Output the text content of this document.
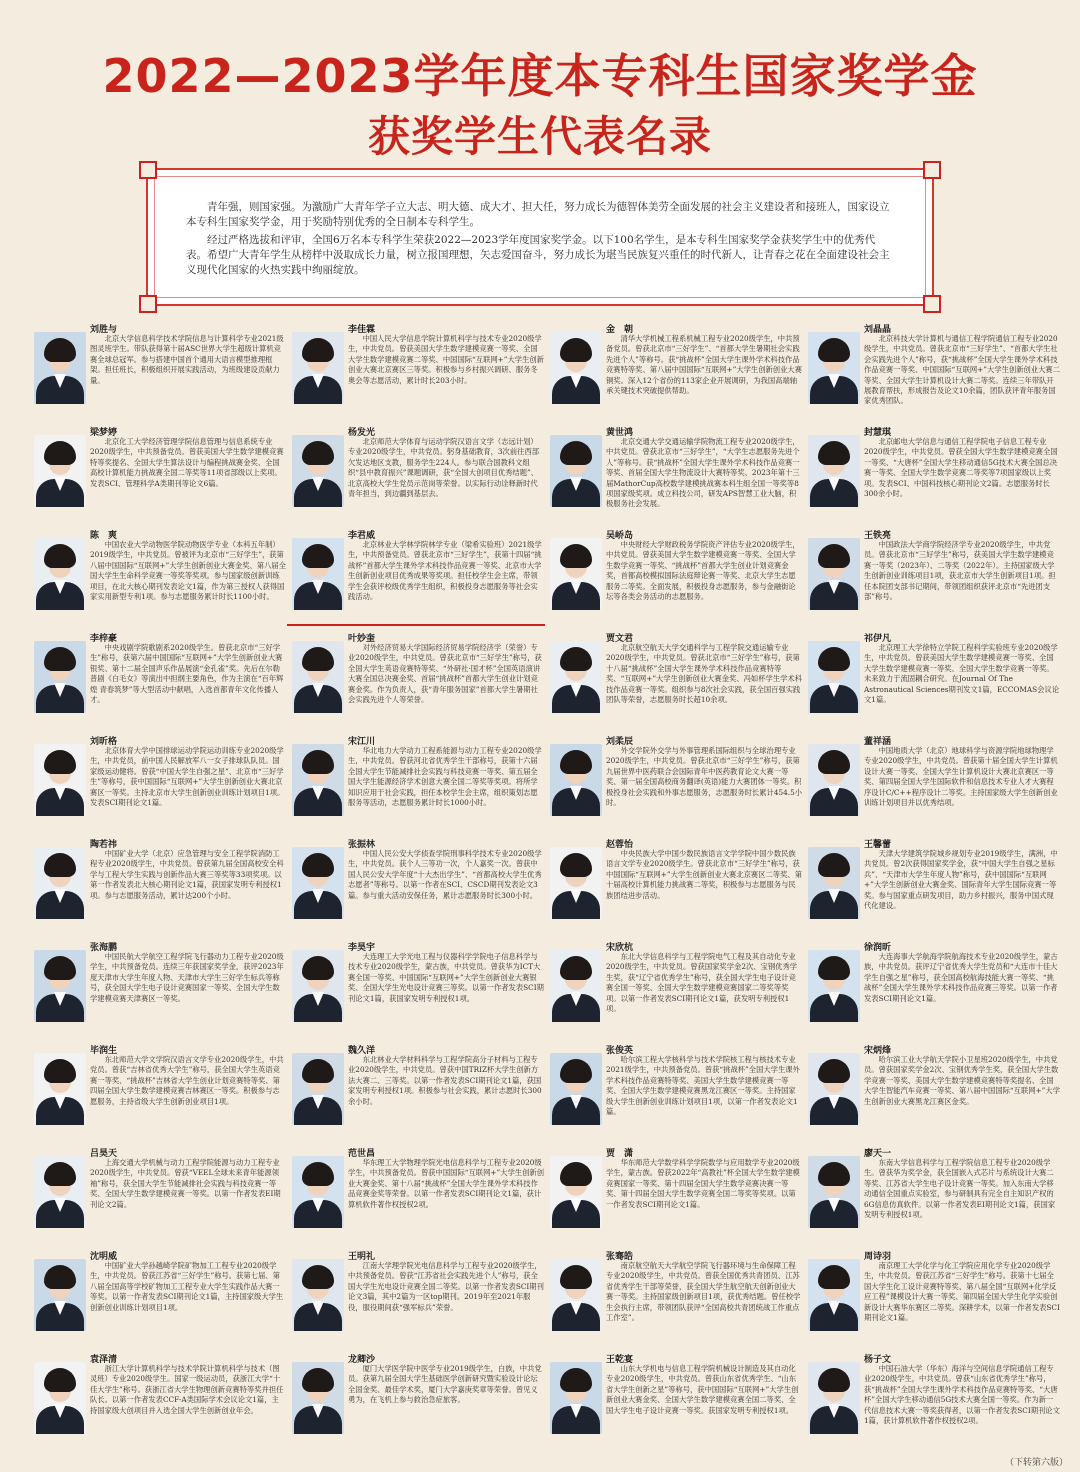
2022—2023学年度本专科生国家奖学金
获奖学生代表名录

青年强，则国家强。为激励广大青年学子立大志、明大德、成大才、担大任，努力成长为德智体美劳全面发展的社会主义建设者和接班人，国家设立本专科生国家奖学金，用于奖励特别优秀的全日制本专科学生。

经过严格选拔和评审，全国6万名本专科学生荣获2022—2023学年度国家奖学金。以下100名学生，是本专科生国家奖学金获奖学生中的优秀代表。希望广大青年学生从榜样中汲取成长力量，树立报国理想，矢志爱国奋斗，努力成长为堪当民族复兴重任的时代新人，让青春之花在全面建设社会主义现代化国家的火热实践中绚丽绽放。

刘胜与
北京大学信息科学技术学院信息与计算科学专业2021级图灵班学生。带队获得第十届ASC世界大学生超级计算机竞赛全球总冠军。参与搭建中国首个通用大语言模型推理框架。担任班长，积极组织开展实践活动，为班级建设贡献力量。
李佳霖
中国人民大学信息学院计算机科学与技术专业2020级学生，中共党员。曾获美国大学生数学建模竞赛一等奖、全国大学生数学建模竞赛二等奖、中国国际“互联网+”大学生创新创业大赛北京赛区三等奖。积极参与乡村振兴调研、服务冬奥会等志愿活动，累计时长203小时。
金　朝
清华大学机械工程系机械工程专业2020级学生，中共预备党员。曾获北京市“三好学生”、“首都大学生暑期社会实践先进个人”等称号。获“挑战杯”全国大学生课外学术科技作品竞赛特等奖、第八届中国国际“互联网+”大学生创新创业大赛铜奖。深入12个省份的113家企业开展调研，为我国高端轴承关键技术突破提供帮助。
刘晶晶
北京科技大学计算机与通信工程学院通信工程专业2020级学生，中共党员。曾获北京市“三好学生”、“首都大学生社会实践先进个人”称号，获“挑战杯”全国大学生课外学术科技作品竞赛一等奖、中国国际“互联网+”大学生创新创业大赛二等奖、全国大学生计算机设计大赛二等奖。连续三年带队开展教育帮扶，形成报告及论文10余篇，团队获评青年服务国家优秀团队。
梁梦婷
北京化工大学经济管理学院信息管理与信息系统专业2020级学生，中共预备党员。曾获美国大学生数学建模竞赛特等奖提名、全国大学生算法设计与编程挑战赛金奖、全国高校计算机能力挑战赛全国二等奖等11项省部级以上奖项。发表SCI、管理科学A类期刊等论文6篇。
杨发光
北京师范大学体育与运动学院汉语言文学（志远计划）专业2020级学生，中共党员。躬身基础教育，3次前往西部欠发达地区支教，服务学生224人。参与联合国教科文组织“县中教育振兴”课题调研，获“全国大创项目优秀结题”、北京高校大学生党员示范岗等荣誉。以实际行动诠释新时代青年担当，到边疆到基层去。
黄世鸿
北京交通大学交通运输学院物流工程专业2020级学生，中共党员。曾获北京市“三好学生”，“大学生志愿服务先进个人”等称号。获“挑战杯”全国大学生课外学术科技作品竞赛一等奖、首届全国大学生物流设计大赛特等奖、2023年第十三届MathorCup高校数学建模挑战赛本科生组全国一等奖等8项国家级奖项。成立科技公司，研发APS智慧工业大脑，积极服务社会发展。
封慧琪
北京邮电大学信息与通信工程学院电子信息工程专业2020级学生，中共党员。曾获全国大学生数学建模竞赛全国一等奖、“大唐杯”全国大学生移动通信5G技术大赛全国总决赛一等奖、全国大学生数学竞赛二等奖等7项国家级以上奖项。发表SCI、中国科技核心期刊论文2篇。志愿服务时长300余小时。
陈　爽
中国农业大学动物医学院动物医学专业（本科五年制）2019级学生，中共党员。曾被评为北京市“三好学生”，获第八届中国国际“互联网+”大学生创新创业大赛金奖、第八届全国大学生生命科学竞赛一等奖等奖项。参与国家级创新训练项目，在北大核心期刊发表论文1篇，作为第三授权人获得国家实用新型专利1项。参与志愿服务累计时长1100小时。
李君威
北京林业大学林学院林学专业（梁希实验班）2021级学生，中共预备党员。曾获北京市“三好学生”，获第十四届“挑战杯”首都大学生课外学术科技作品竞赛一等奖、北京市大学生创新创业项目优秀成果等奖项。担任校学生会主席，带领学生会获评校级优秀学生组织，积极投身志愿服务等社会实践活动。
吴峤岛
中央财经大学财政税务学院资产评估专业2020级学生，中共党员。曾获美国大学生数学建模竞赛一等奖、全国大学生数学竞赛一等奖、“挑战杯”首都大学生创业计划竞赛金奖，首都高校模拟国际法庭辩论赛一等奖、北京大学生志愿服务二等奖。全面发展，积极投身志愿服务，参与金融街论坛等各类会务活动的志愿服务。
王铁亮
中国政法大学商学院经济学专业2020级学生，中共党员。曾获北京市“三好学生”称号，获美国大学生数学建模竞赛一等奖（2023年）、二等奖（2022年）。主持国家级大学生创新创业训练项目1项，获北京市大学生创新项目1项。担任本院团支部书记期间，带领团组织获评北京市“先进团支部”称号。
李梓豪
中央戏剧学院歌剧系2020级学生。曾获北京市“三好学生”称号，获第六届中国国际“互联网+”大学生创新创业大赛银奖、第十二届全国声乐作品展演“金孔雀”奖。先后在尔勒普剧《白毛女》等演出中担纲主要角色，作为主演在“百年辉煌 青春筑梦”等大型活动中献唱，入选首都青年文化传播人才。
叶妙奎
对外经济贸易大学国际经济贸易学院经济学（荣誉）专业2020级学生，中共党员。曾获北京市“三好学生”称号，获全国大学生英语竞赛特等奖、“外研社·国才杯”全国英语演讲大赛全国总决赛金奖、首届“挑战杯”首都大学生创业计划竞赛金奖。作为负责人，获“青年服务国家”首都大学生暑期社会实践先进个人等荣誉。
贾文君
北京航空航天大学交通科学与工程学院交通运输专业2020级学生，中共党员。曾获北京市“三好学生”称号，获第十八届“挑战杯”全国大学生课外学术科技作品竞赛特等奖、“互联网+”大学生创新创业大赛金奖、冯如杯学生学术科技作品竞赛一等奖。组织参与8次社会实践，获全国百强实践团队等荣誉，志愿服务时长超10余项。
祁伊凡
北京理工大学徐特立学院工程科学实验班专业2020级学生，中共党员。曾获美国大学生数学建模竞赛一等奖、全国大学生数学建模竞赛一等奖、全国大学生数学竞赛一等奖。未来致力于流固耦合研究。在Journal Of The Astronautical Sciences期刊发文1篇，ECCOMAS会议论文1篇。
刘昕格
北京体育大学中国排球运动学院运动训练专业2020级学生，中共党员，前中国人民解放军八一女子排球队队员。国家级运动健将。曾获“中国大学生自强之星”、北京市“三好学生”等称号，获中国国际“互联网+”大学生创新创业大赛北京赛区一等奖。主持北京市大学生创新创业训练计划项目1项。发表SCI期刊论文1篇。
宋江川
华北电力大学动力工程系能源与动力工程专业2020级学生，中共党员。曾获河北省优秀学生干部称号，获第十六届全国大学生节能减排社会实践与科技竞赛一等奖、第五届全国大学生能源经济学术创意大赛全国二等奖等奖项。将所学知识应用于社会实践，担任本校学生会主席，组织策划志愿服务等活动，志愿服务累计时长1000小时。
刘柔辰
外交学院外交学与外事管理系国际组织与全球治理专业2020级学生，中共党员。曾获北京市“三好学生”称号，获第九届世界中医药联合会国际青年中医药教育论文大赛一等奖、第一届全国高校商务翻译(英语)能力大赛团体一等奖。积极投身社会实践和外事志愿服务，志愿服务时长累计454.5小时。
董祥涵
中国地质大学（北京）地球科学与资源学院地球物理学专业2020级学生，中共党员。曾获第十届全国大学生计算机设计大赛一等奖、全国大学生计算机设计大赛北京赛区一等奖、第四届全国大学生国际软件和信息技术专业人才大赛程序设计C/C++程序设计二等奖。主持国家级大学生创新创业训练计划项目并以优秀结项。
陶若祎
中国矿业大学（北京）应急管理与安全工程学院消防工程专业2020级学生，中共党员。曾获第九届全国高校安全科学与工程大学生实践与创新作品大赛三等奖等33项奖项。以第一作者发表北大核心期刊论文1篇，获国家发明专利授权1项。参与志愿服务活动，累计达200个小时。
张振林
中国人民公安大学侦查学院刑事科学技术专业2020级学生，中共党员。获个人三等功一次，个人嘉奖一次。曾获中国人民公安大学年度“十大杰出学生”、“首都高校大学生优秀志愿者”等称号。以第一作者在SCI、CSCD期刊发表论文3篇。参与重大活动安保任务，累计志愿服务时长300小时。
赵蓉怡
中央民族大学中国少数民族语言文学学院中国少数民族语言文学专业2020级学生。曾获北京市“三好学生”称号，获中国国际“互联网+”大学生创新创业大赛北京赛区二等奖、第十届高校计算机能力挑战赛二等奖，积极参与志愿服务与民族团结进步活动。
王馨蕾
天津大学建筑学院城乡规划专业2019级学生，满洲，中共党员。曾2次获得国家奖学金，获“中国大学生自强之星标兵”、“天津市大学生年度人物”称号，获中国国际“互联网+”大学生创新创业大赛金奖、国际青年大学生国际竞赛一等奖。参与国家重点研发项目，助力乡村振兴，服务中国式现代化建设。
张海鹏
中国民航大学航空工程学院飞行器动力工程专业2020级学生，中共预备党员。连续三年获国家奖学金，获评2023年度天津市大学生年度人物、天津市大学生三好学生标兵等称号，获全国大学生电子设计竞赛国家一等奖、全国大学生数学建模竞赛天津赛区一等奖。
李昊宇
大连理工大学光电工程与仪器科学学院电子信息科学与技术专业2020级学生，蒙古族，中共党员。曾获华为ICT大赛全国一等奖、中国国际“互联网+”大学生创新创业大赛银奖、全国大学生光电设计竞赛三等奖。以第一作者发表SCI期刊论文1篇，获国家发明专利授权1项。
宋欣杭
东北大学信息科学与工程学院电气工程及其自动化专业2020级学生，中共党员。曾获国家奖学金2次、宝钢优秀学生奖，获“辽宁省优秀学生”称号，获全国大学生电子设计竞赛全国一等奖、全国大学生数学建模竞赛国家二等奖等奖项。以第一作者发表SCI期刊论文1篇，获发明专利授权1项。
徐润昕
大连海事大学航海学院航海技术专业2020级学生，蒙古族，中共党员。获评辽宁省优秀大学生党员和“大连市十佳大学生自强之星”称号，获全国高校航海技能大赛一等奖、“挑战杯”全国大学生课外学术科技作品竞赛三等奖。以第一作者发表SCI期刊论文1篇。
毕润生
东北师范大学文学院汉语言文学专业2020级学生，中共党员。曾获“吉林省优秀大学生”称号，获全国大学生英语竞赛一等奖、“挑战杯”吉林省大学生创业计划竞赛特等奖、第四届全国大学生数学建模竞赛吉林赛区一等奖。积极参与志愿服务，主持省级大学生创新创业项目1项。
魏久洋
东北林业大学材料科学与工程学院高分子材料与工程专业2020级学生，中共党员。曾获中国TRIZ杯大学生创新方法大赛二、三等奖。以第一作者发表SCI期刊论文1篇，获国家发明专利授权1项。积极参与社会实践，累计志愿时长300余小时。
张俊英
哈尔滨工程大学核科学与技术学院核工程与核技术专业2021级学生，中共预备党员。曾获“挑战杯”全国大学生课外学术科技作品竞赛特等奖、美国大学生数学建模竞赛一等奖、全国大学生数学建模竞赛黑龙江赛区一等奖。主持国家级大学生创新创业训练计划项目1项，以第一作者发表论文1篇。
宋炳烽
哈尔滨工业大学航天学院小卫星班2020级学生，中共党员。曾获国家奖学金2次、宝钢优秀学生奖，获全国大学生数学竞赛一等奖、美国大学生数学建模竞赛特等奖提名、全国大学生智能汽车竞赛一等奖、第八届中国国际“互联网+”大学生创新创业大赛黑龙江赛区金奖。
吕昊天
上海交通大学机械与动力工程学院能源与动力工程专业2020级学生，中共党员。曾获“VEEL全球未来青年能源领袖”称号，获全国大学生节能减排社会实践与科技竞赛一等奖、全国大学生数学建模竞赛一等奖。以第一作者发表EI期刊论文2篇。
范世昌
华东理工大学物理学院光电信息科学与工程专业2020级学生，中共预备党员。曾获中国国际“互联网+”大学生创新创业大赛金奖、第十八届“挑战杯”全国大学生课外学术科技作品竞赛金奖等荣誉。以第一作者发表SCI期刊论文1篇，获计算机软件著作权授权2项。
贾　潇
华东师范大学数学科学学院数学与应用数学专业2020级学生，蒙古族。曾获2022年“高教社”杯全国大学生数学建模竞赛国家一等奖、第十四届全国大学生数学竞赛决赛一等奖、第十四届全国大学生数学竞赛全国二等奖等奖项。以第一作者发表SCI期刊论文1篇。
廖天一
东南大学信息科学与工程学院信息工程专业2020级学生。曾获华为奖学金，获全国嵌入式芯片与系统设计大赛二等奖、江苏省大学生电子设计竞赛一等奖。加入东南大学移动通信全国重点实验室，参与研制具有完全自主知识产权的6G信息仿真软件。以第一作者发表EI期刊论文1篇，获国家发明专利授权1项。
沈明威
中国矿业大学孙越崎学院矿物加工工程专业2020级学生，中共党员。曾获江苏省“三好学生”称号。获第七届、第八届全国高等学校矿物加工工程专业大学生实践作品大赛一等奖。以第一作者发表SCI期刊论文1篇，主持国家级大学生创新创业训练计划项目1项。
王明礼
江南大学理学院光电信息科学与工程专业2020级学生，中共预备党员。曾获“江苏省社会实践先进个人”称号，获全国大学生光电设计竞赛全国二等奖。以第一作者发表SCI期刊论文3篇，其中2篇为一区top期刊。2019年至2021年服役，服役期间获“强军标兵”荣誉。
张骞皓
南京航空航天大学航空学院飞行器环境与生命保障工程专业2020级学生，中共党员。曾获全国优秀共青团员、江苏省优秀学生干部等荣誉，获全国大学生航空航天创新创业大赛一等奖。主持国家级创新项目1项，获优秀结题。曾任校学生会执行主席，带领团队获评“全国高校共青团统战工作重点工作室”。
周诗羽
南京理工大学化学与化工学院应用化学专业2020级学生，中共党员。曾获江苏省“三好学生”称号。获第十七届全国大学生化工设计竞赛特等奖、第八届全国“互联网+化学反应工程”课模设计大赛一等奖、第四届全国大学生化学实验创新设计大赛华东赛区二等奖。深耕学术，以第一作者发表SCI期刊论文1篇。
袁泽清
浙江大学计算机科学与技术学院计算机科学与技术（图灵班）专业2020级学生。国家一级运动员，获浙江大学“十佳大学生”称号。获浙江省大学生物理创新竞赛特等奖并担任队长。以第一作者发表CCF-A类国际学术会议论文1篇，主持国家级大创项目并入选全国大学生创新创业年会。
龙卿沙
厦门大学医学院中医学专业2019级学生，白族，中共党员。获第九届全国大学生基础医学创新研究暨实验设计论坛全国金奖、最佳学术奖，厦门大学嘉庚奖章等荣誉。曾见义勇为，在飞机上参与救治急症旅客。
王乾宴
山东大学机电与信息工程学院机械设计制造及其自动化专业2020级学生，中共党员。曾获山东省优秀学生、“山东省大学生创新之星”等称号，获中国国际“互联网+”大学生创新创业大赛金奖、全国大学生数学建模竞赛全国二等奖、全国大学生电子设计竞赛一等奖。获国家发明专利授权1项。
杨子文
中国石油大学（华东）海洋与空间信息学院通信工程专业2020级学生，中共党员。曾获“山东省优秀学生”称号，获“挑战杯”全国大学生课外学术科技作品竞赛特等奖、“大唐杯”全国大学生移动通信5G技术大赛全国一等奖。作为新一代信息技术大赛一等奖获得者，以第一作者发表SCI期刊论文1篇，获计算机软件著作权授权2项。
（下转第六版）
